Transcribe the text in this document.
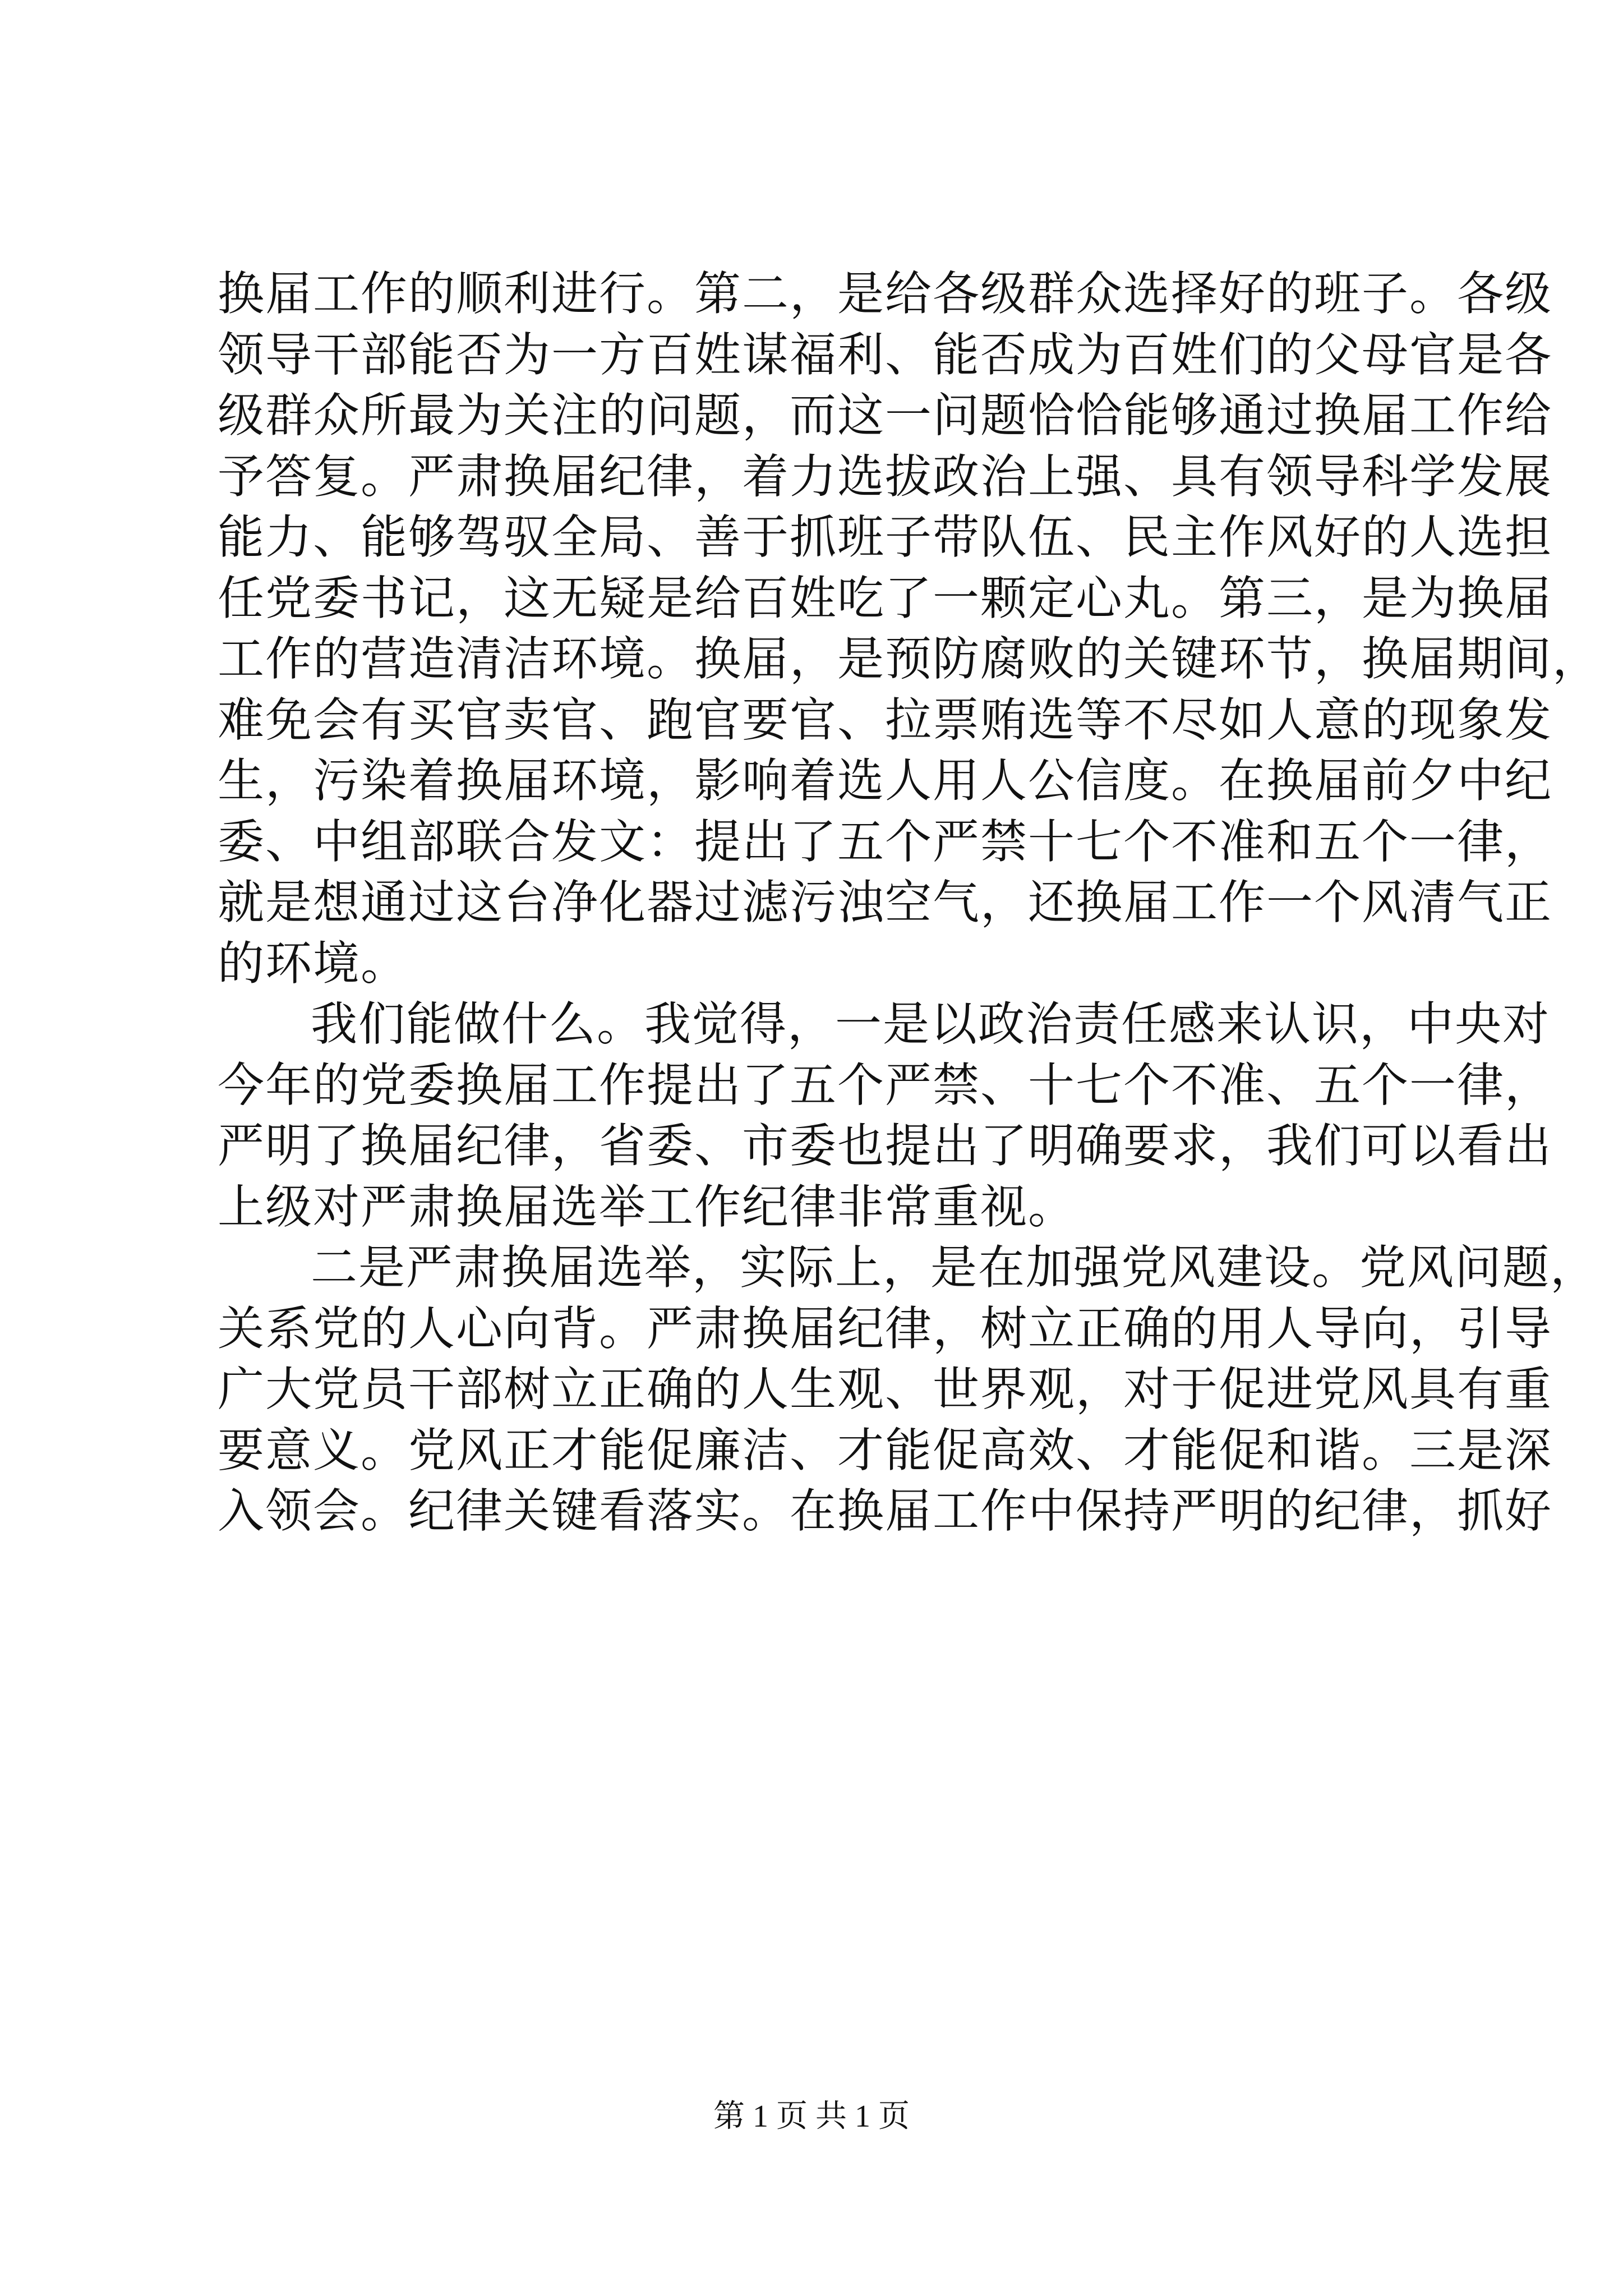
换届工作的顺利进行。第二，是给各级群众选择好的班子。各级
领导干部能否为一方百姓谋福利、能否成为百姓们的父母官是各
级群众所最为关注的问题，而这一问题恰恰能够通过换届工作给
予答复。严肃换届纪律，着力选拔政治上强、具有领导科学发展
能力、能够驾驭全局、善于抓班子带队伍、民主作风好的人选担
任党委书记，这无疑是给百姓吃了一颗定心丸。第三，是为换届
工作的营造清洁环境。换届，是预防腐败的关键环节，换届期间，
难免会有买官卖官、跑官要官、拉票贿选等不尽如人意的现象发
生，污染着换届环境，影响着选人用人公信度。在换届前夕中纪
委、中组部联合发文：提出了五个严禁十七个不准和五个一律，
就是想通过这台净化器过滤污浊空气，还换届工作一个风清气正
的环境。
我们能做什么。我觉得，一是以政治责任感来认识，中央对
今年的党委换届工作提出了五个严禁、十七个不准、五个一律，
严明了换届纪律，省委、市委也提出了明确要求，我们可以看出
上级对严肃换届选举工作纪律非常重视。
二是严肃换届选举，实际上，是在加强党风建设。党风问题，
关系党的人心向背。严肃换届纪律，树立正确的用人导向，引导
广大党员干部树立正确的人生观、世界观，对于促进党风具有重
要意义。党风正才能促廉洁、才能促高效、才能促和谐。三是深
入领会。纪律关键看落实。在换届工作中保持严明的纪律，抓好
第 1 页 共 1 页
